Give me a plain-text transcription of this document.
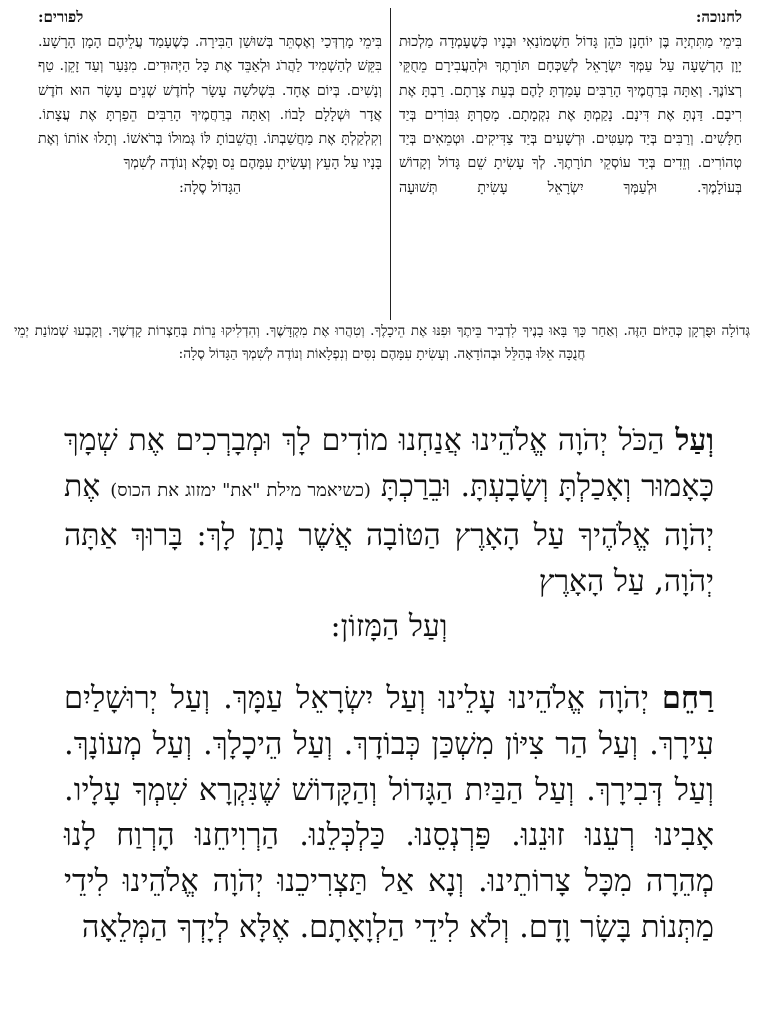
לחנוכה:
בִּימֵי מַתִּתְיָה בֶּן יוֹחָנָן כֹּהֵן גָּדוֹל חַשְׁמוֹנַאִי וּבָנָיו כְּשֶׁעָמְדָה מַלְכוּת יָוָן הָרְשָׁעָה עַל עַמְּךָ יִשְׂרָאֵל לְשַׁכְּחָם תּוֹרָתֶךָ וּלְהַעֲבִירָם מֵחֻקֵּי רְצוֹנֶךָ. וְאַתָּה בְּרַחֲמֶיךָ הָרַבִּים עָמַדְתָּ לָהֶם בְּעֵת צָרָתָם. רַבְתָּ אֶת רִיבָם. דַּנְתָּ אֶת דִּינָם. נָקַמְתָּ אֶת נִקְמָתָם. מָסַרְתָּ גִּבּוֹרִים בְּיַד חַלָּשִׁים. וְרַבִּים בְּיַד מְעַטִּים. וּרְשָׁעִים בְּיַד צַדִּיקִים. וּטְמֵאִים בְּיַד טְהוֹרִים. וְזֵדִים בְּיַד עוֹסְקֵי תוֹרָתֶךָ. לְךָ עָשִׂיתָ שֵׁם גָּדוֹל וְקָדוֹשׁ בְּעוֹלָמֶךָ. וּלְעַמְּךָ יִשְׂרָאֵל עָשִׂיתָ תְּשׁוּעָה
לפורים:
בִּימֵי מָרְדְּכַי וְאֶסְתֵּר בְּשׁוּשַׁן הַבִּירָה. כְּשֶׁעָמַד עֲלֵיהֶם הָמָן הָרָשָׁע. בִּקֵּשׁ לְהַשְׁמִיד לַהֲרֹג וּלְאַבֵּד אֶת כָּל הַיְּהוּדִים. מִנַּעַר וְעַד זָקֵן. טַף וְנָשִׁים. בְּיוֹם אֶחָד. בִּשְׁלֹשָׁה עָשָׂר לְחֹדֶשׁ שְׁנֵים עָשָׂר הוּא חֹדֶשׁ אֲדָר וּשְׁלָלָם לָבוֹז. וְאַתָּה בְּרַחֲמֶיךָ הָרַבִּים הֵפַרְתָּ אֶת עֲצָתוֹ. וְקִלְקַלְתָּ אֶת מַחֲשַׁבְתּוֹ. וַהֲשֵׁבוֹתָ לּוֹ גְּמוּלוֹ בְּרֹאשׁוֹ. וְתָלוּ אוֹתוֹ וְאֶת בָּנָיו עַל הָעֵץ וְעָשִׂיתָ עִמָּהֶם נֵס וָפֶלֶא וְנוֹדֶה לְשִׁמְךָ
הַגָּדוֹל סֶלָה:
גְּדוֹלָה וּפֻרְקָן כְּהַיּוֹם הַזֶּה. וְאַחַר כָּךְ בָּאוּ בָנֶיךָ לִדְבִיר בֵּיתֶךָ וּפִנּוּ אֶת הֵיכָלֶךָ. וְטִהֲרוּ אֶת מִקְדָּשֶׁךָ. וְהִדְלִיקוּ נֵרוֹת בְּחַצְרוֹת קָדְשֶׁךָ. וְקָבְעוּ שְׁמוֹנַת יְמֵי חֲנֻכָּה אֵלּוּ בְּהַלֵּל וּבְהוֹדָאָה. וְעָשִׂיתָ עִמָּהֶם נִסִּים וְנִפְלָאוֹת וְנוֹדֶה לְשִׁמְךָ הַגָּדוֹל סֶלָה:
וְעַל הַכֹּל יְהֹוָה אֱלֹהֵינוּ אֲנַחְנוּ מוֹדִים לָךְ וּמְבָרְכִים אֶת שְׁמָךְ כָּאָמוּר וְאָכַלְתָּ וְשָׂבָעְתָּ. וּבֵרַכְתָּ (כשיאמר מילת "את" ימזוג את הכוס) אֶת יְהֹוָה אֱלֹהֶיךָ עַל הָאָרֶץ הַטּוֹבָה אֲשֶׁר נָתַן לָךְ: בָּרוּךְ אַתָּה יְהֹוָה, עַל הָאָרֶץ
וְעַל הַמָּזוֹן:
רַחֵם יְהֹוָה אֱלֹהֵינוּ עָלֵינוּ וְעַל יִשְׂרָאֵל עַמָּךְ. וְעַל יְרוּשָׁלַיִם עִירָךְ. וְעַל הַר צִיּוֹן מִשְׁכַּן כְּבוֹדָךְ. וְעַל הֵיכָלָךְ. וְעַל מְעוֹנָךְ. וְעַל דְּבִירָךְ. וְעַל הַבַּיִת הַגָּדוֹל וְהַקָּדוֹשׁ שֶׁנִּקְרָא שִׁמְךָ עָלָיו. אָבִינוּ רְעֵנוּ זוּנֵנוּ. פַּרְנְסֵנוּ. כַּלְכְּלֵנוּ. הַרְוִיחֵנוּ הָרְוַח לָנוּ מְהֵרָה מִכָּל צָרוֹתֵינוּ. וְנָא אַל תַּצְרִיכֵנוּ יְהֹוָה אֱלֹהֵינוּ לִידֵי מַתְּנוֹת בָּשָׂר וָדָם. וְלֹא לִידֵי הַלְוָאָתָם. אֶלָּא לְיָדְךָ הַמְּלֵאָה
